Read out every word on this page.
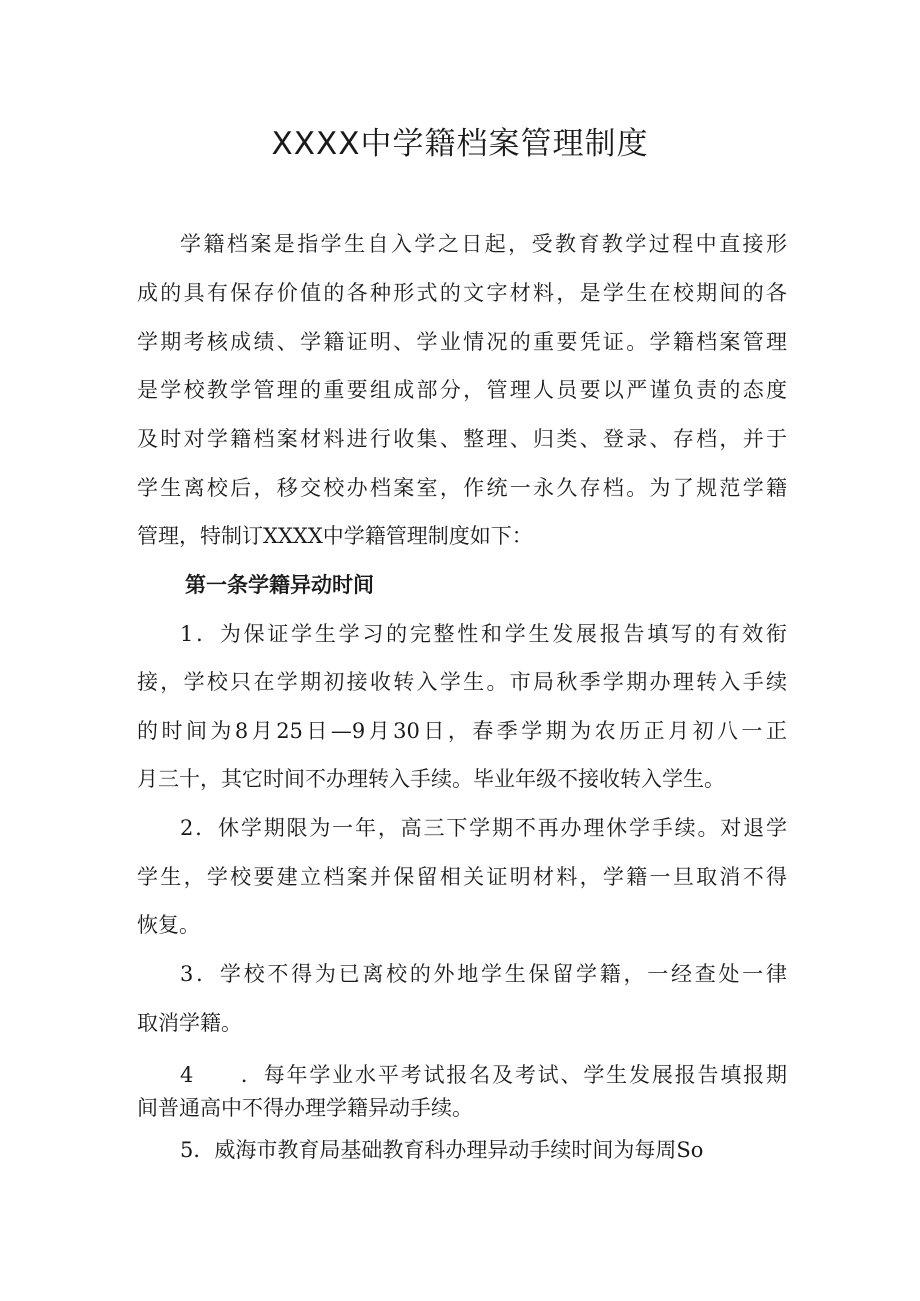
XXXX中学籍档案管理制度

学籍档案是指学生自入学之日起，受教育教学过程中直接形

成的具有保存价值的各种形式的文字材料，是学生在校期间的各

学期考核成绩、学籍证明、学业情况的重要凭证。学籍档案管理

是学校教学管理的重要组成部分，管理人员要以严谨负责的态度

及时对学籍档案材料进行收集、整理、归类、登录、存档，并于

学生离校后，移交校办档案室，作统一永久存档。为了规范学籍

管理，特制订XXXX中学籍管理制度如下：

第一条学籍异动时间

1．为保证学生学习的完整性和学生发展报告填写的有效衔

接，学校只在学期初接收转入学生。市局秋季学期办理转入手续

的时间为8月25日—9月30日，春季学期为农历正月初八一正

月三十，其它时间不办理转入手续。毕业年级不接收转入学生。

2．休学期限为一年，高三下学期不再办理休学手续。对退学

学生，学校要建立档案并保留相关证明材料，学籍一旦取消不得

恢复。

3．学校不得为已离校的外地学生保留学籍，一经查处一律

取消学籍。

4　　．每年学业水平考试报名及考试、学生发展报告填报期

间普通高中不得办理学籍异动手续。

5．威海市教育局基础教育科办理异动手续时间为每周So
